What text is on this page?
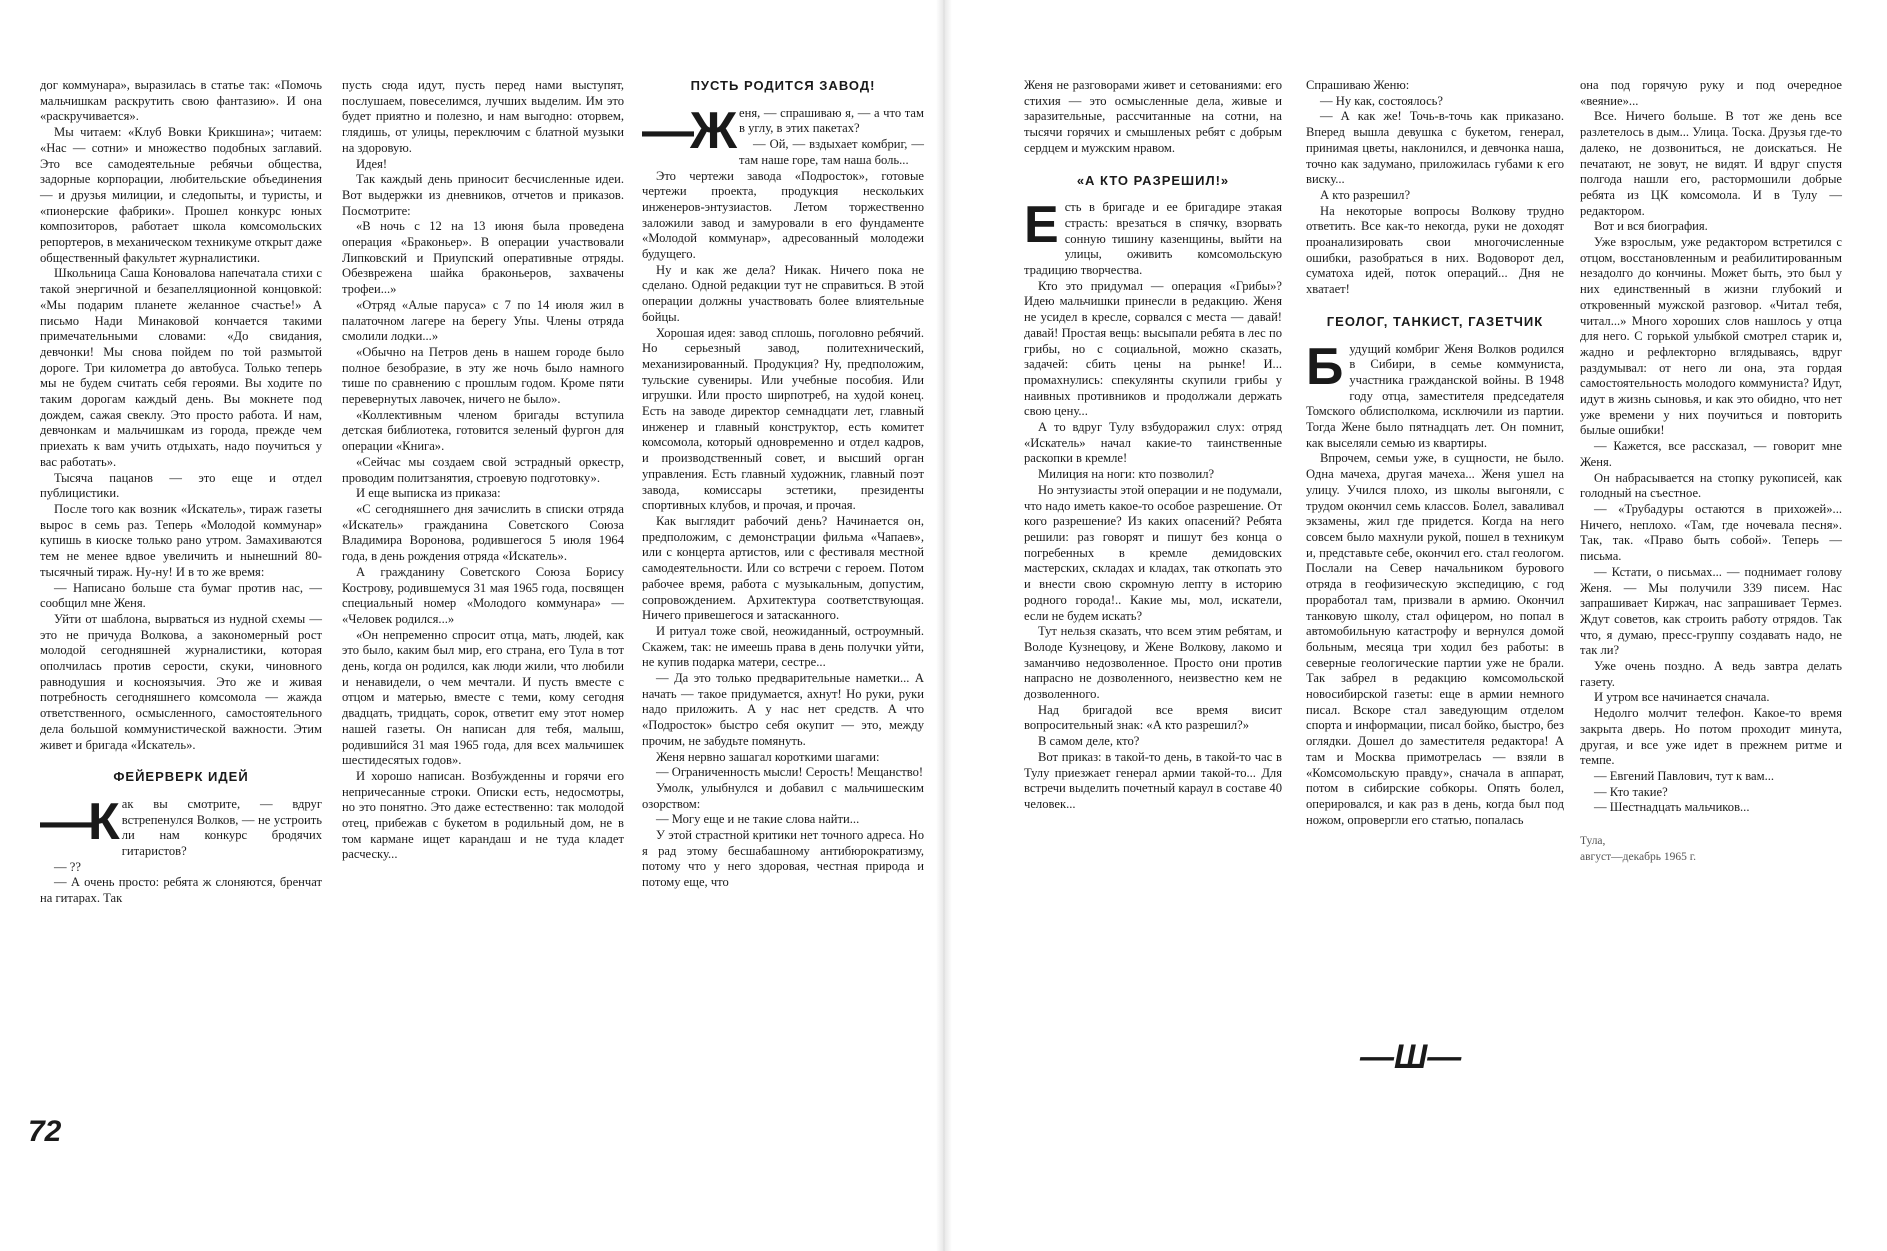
дог коммунара», выразилась в статье так: «Помочь мальчишкам раскрутить свою фантазию». И она «раскручивается».

Мы читаем: «Клуб Вовки Крикшина»; читаем: «Нас — сотни» и множество подобных заглавий. Это все самодеятельные ребячьи общества, задорные корпорации, любительские объединения — и друзья милиции, и следопыты, и туристы, и «пионерские фабрики». Прошел конкурс юных композиторов, работает школа комсомольских репортеров, в механическом техникуме открыт даже общественный факультет журналистики.

Школьница Саша Коновалова напечатала стихи с такой энергичной и безапелляционной концовкой: «Мы подарим планете желанное счастье!» А письмо Нади Минаковой кончается такими примечательными словами: «До свидания, девчонки! Мы снова пойдем по той размытой дороге. Три километра до автобуса. Только теперь мы не будем считать себя героями. Вы ходите по таким дорогам каждый день. Вы мокнете под дождем, сажая свеклу. Это просто работа. И нам, девчонкам и мальчишкам из города, прежде чем приехать к вам учить отдыхать, надо поучиться у вас работать».

Тысяча пацанов — это еще и отдел публицистики.

После того как возник «Искатель», тираж газеты вырос в семь раз. Теперь «Молодой коммунар» купишь в киоске только рано утром. Замахиваются тем не менее вдвое увеличить и нынешний 80-тысячный тираж. Ну-ну! И в то же время:

— Написано больше ста бумаг против нас, — сообщил мне Женя.

Уйти от шаблона, вырваться из нудной схемы — это не причуда Волкова, а закономерный рост молодой сегодняшней журналистики, которая ополчилась против серости, скуки, чиновного равнодушия и косноязычия. Это же и живая потребность сегодняшнего комсомола — жажда ответственного, осмысленного, самостоятельного дела большой коммунистической важности. Этим живет и бригада «Искатель».

ФЕЙЕРВЕРК ИДЕЙ
—К ак вы смотрите, — вдруг встрепенулся Волков, — не устроить ли нам конкурс бродячих гитаристов?

— ??

— А очень просто: ребята ж слоняются, бренчат на гитарах. Так

пусть сюда идут, пусть перед нами выступят, послушаем, повеселимся, лучших выделим. Им это будет приятно и полезно, и нам выгодно: оторвем, глядишь, от улицы, переключим с блатной музыки на здоровую.

Идея!

Так каждый день приносит бесчисленные идеи. Вот выдержки из дневников, отчетов и приказов. Посмотрите:

«В ночь с 12 на 13 июня была проведена операция «Браконьер». В операции участвовали Липковский и Приупский оперативные отряды. Обезврежена шайка браконьеров, захвачены трофеи...»

«Отряд «Алые паруса» с 7 по 14 июля жил в палаточном лагере на берегу Упы. Члены отряда смолили лодки...»

«Обычно на Петров день в нашем городе было полное безобразие, в эту же ночь было намного тише по сравнению с прошлым годом. Кроме пяти перевернутых лавочек, ничего не было».

«Коллективным членом бригады вступила детская библиотека, готовится зеленый фургон для операции «Книга».

«Сейчас мы создаем свой эстрадный оркестр, проводим политзанятия, строевую подготовку».

И еще выписка из приказа:

«С сегодняшнего дня зачислить в списки отряда «Искатель» гражданина Советского Союза Владимира Воронова, родившегося 5 июля 1964 года, в день рождения отряда «Искатель».

А гражданину Советского Союза Борису Кострову, родившемуся 31 мая 1965 года, посвящен специальный номер «Молодого коммунара» — «Человек родился...»

«Он непременно спросит отца, мать, людей, как это было, каким был мир, его страна, его Тула в тот день, когда он родился, как люди жили, что любили и ненавидели, о чем мечтали. И пусть вместе с отцом и матерью, вместе с теми, кому сегодня двадцать, тридцать, сорок, ответит ему этот номер нашей газеты. Он написан для тебя, малыш, родившийся 31 мая 1965 года, для всех мальчишек шестидесятых годов».

И хорошо написан. Возбужденны и горячи его непричесанные строки. Описки есть, недосмотры, но это понятно. Это даже естественно: так молодой отец, прибежав с букетом в родильный дом, не в том кармане ищет карандаш и не туда кладет расческу...

ПУСТЬ РОДИТСЯ ЗАВОД!
—Ж еня, — спрашиваю я, — а что там в углу, в этих пакетах?

— Ой, — вздыхает комбриг, — там наше горе, там наша боль...

Это чертежи завода «Подросток», готовые чертежи проекта, продукция нескольких инженеров-энтузиастов. Летом торжественно заложили завод и замуровали в его фундаменте «Молодой коммунар», адресованный молодежи будущего.

Ну и как же дела? Никак. Ничего пока не сделано. Одной редакции тут не справиться. В этой операции должны участвовать более влиятельные бойцы.

Хорошая идея: завод сплошь, поголовно ребячий. Но серьезный завод, политехнический, механизированный. Продукция? Ну, предположим, тульские сувениры. Или учебные пособия. Или игрушки. Или просто ширпотреб, на худой конец. Есть на заводе директор семнадцати лет, главный инженер и главный конструктор, есть комитет комсомола, который одновременно и отдел кадров, и производственный совет, и высший орган управления. Есть главный художник, главный поэт завода, комиссары эстетики, президенты спортивных клубов, и прочая, и прочая.

Как выглядит рабочий день? Начинается он, предположим, с демонстрации фильма «Чапаев», или с концерта артистов, или с фестиваля местной самодеятельности. Или со встречи с героем. Потом рабочее время, работа с музыкальным, допустим, сопровождением. Архитектура соответствующая. Ничего привешегося и затасканного.

И ритуал тоже свой, неожиданный, остроумный. Скажем, так: не имеешь права в день получки уйти, не купив подарка матери, сестре...

— Да это только предварительные наметки... А начать — такое придумается, ахнут! Но руки, руки надо приложить. А у нас нет средств. А что «Подросток» быстро себя окупит — это, между прочим, не забудьте помянуть.

Женя нервно зашагал короткими шагами:

— Ограниченность мысли! Серость! Мещанство!

Умолк, улыбнулся и добавил с мальчишеским озорством:

— Могу еще и не такие слова найти...

У этой страстной критики нет точного адреса. Но я рад этому бесшабашному антибюрократизму, потому что у него здоровая, честная природа и потому еще, что

72

Женя не разговорами живет и сетованиями: его стихия — это осмысленные дела, живые и заразительные, рассчитанные на сотни, на тысячи горячих и смышленых ребят с добрым сердцем и мужским нравом.

«А КТО РАЗРЕШИЛ!»
Е сть в бригаде и ее бригадире этакая страсть: врезаться в спячку, взорвать сонную тишину казенщины, выйти на улицы, оживить комсомольскую традицию творчества.

Кто это придумал — операция «Грибы»? Идею мальчишки принесли в редакцию. Женя не усидел в кресле, сорвался с места — давай! давай! Простая вещь: высыпали ребята в лес по грибы, но с социальной, можно сказать, задачей: сбить цены на рынке! И... промахнулись: спекулянты скупили грибы у наивных противников и продолжали держать свою цену...

А то вдруг Тулу взбудоражил слух: отряд «Искатель» начал какие-то таинственные раскопки в кремле!

Милиция на ноги: кто позволил?

Но энтузиасты этой операции и не подумали, что надо иметь какое-то особое разрешение. От кого разрешение? Из каких опасений? Ребята решили: раз говорят и пишут без конца о погребенных в кремле демидовских мастерских, складах и кладах, так откопать это и внести свою скромную лепту в историю родного города!.. Какие мы, мол, искатели, если не будем искать?

Тут нельзя сказать, что всем этим ребятам, и Володе Кузнецову, и Жене Волкову, лакомо и заманчиво недозволенное. Просто они против напрасно не дозволенного, неизвестно кем не дозволенного.

Над бригадой все время висит вопросительный знак: «А кто разрешил?»

В самом деле, кто?

Вот приказ: в такой-то день, в такой-то час в Тулу приезжает генерал армии такой-то... Для встречи выделить почетный караул в составе 40 человек...

Спрашиваю Женю:

— Ну как, состоялось?

— А как же! Точь-в-точь как приказано. Вперед вышла девушка с букетом, генерал, принимая цветы, наклонился, и девчонка наша, точно как задумано, приложилась губами к его виску...

А кто разрешил?

На некоторые вопросы Волкову трудно ответить. Все как-то некогда, руки не доходят проанализировать свои многочисленные ошибки, разобраться в них. Водоворот дел, суматоха идей, поток операций... Дня не хватает!

ГЕОЛОГ, ТАНКИСТ, ГАЗЕТЧИК
Б удущий комбриг Женя Волков родился в Сибири, в семье коммуниста, участника гражданской войны. В 1948 году отца, заместителя председателя Томского облисполкома, исключили из партии. Тогда Жене было пятнадцать лет. Он помнит, как выселяли семью из квартиры.

Впрочем, семьи уже, в сущности, не было. Одна мачеха, другая мачеха... Женя ушел на улицу. Учился плохо, из школы выгоняли, с трудом окончил семь классов. Болел, заваливал экзамены, жил где придется. Когда на него совсем было махнули рукой, пошел в техникум и, представьте себе, окончил его. стал геологом. Послали на Север начальником бурового отряда в геофизическую экспедицию, с год проработал там, призвали в армию. Окончил танковую школу, стал офицером, но попал в автомобильную катастрофу и вернулся домой больным, месяца три ходил без работы: в северные геологические партии уже не брали. Так забрел в редакцию комсомольской новосибирской газеты: еще в армии немного писал. Вскоре стал заведующим отделом спорта и информации, писал бойко, быстро, без оглядки. Дошел до заместителя редактора! А там и Москва примотрелась — взяли в «Комсомольскую правду», сначала в аппарат, потом в сибирские собкоры. Опять болел, оперировался, и как раз в день, когда был под ножом, опровергли его статью, попалась

она под горячую руку и под очередное «веяние»...

Все. Ничего больше. В тот же день все разлетелось в дым... Улица. Тоска. Друзья где-то далеко, не дозвониться, не доискаться. Не печатают, не зовут, не видят. И вдруг спустя полгода нашли его, растормошили добрые ребята из ЦК комсомола. И в Тулу — редактором.

Вот и вся биография.

Уже взрослым, уже редактором встретился с отцом, восстановленным и реабилитированным незадолго до кончины. Может быть, это был у них единственный в жизни глубокий и откровенный мужской разговор. «Читал тебя, читал...» Много хороших слов нашлось у отца для него. С горькой улыбкой смотрел старик и, жадно и рефлекторно вглядываясь, вдруг раздумывал: от него ли она, эта гордая самостоятельность молодого коммуниста? Идут, идут в жизнь сыновья, и как это обидно, что нет уже времени у них поучиться и повторить былые ошибки!

— Кажется, все рассказал, — говорит мне Женя.

Он набрасывается на стопку рукописей, как голодный на съестное.

— «Трубадуры остаются в прихожей»... Ничего, неплохо. «Там, где ночевала песня». Так, так. «Право быть собой». Теперь — письма.

— Кстати, о письмах... — поднимает голову Женя. — Мы получили 339 писем. Нас запрашивает Киржач, нас запрашивает Термез. Ждут советов, как строить работу отрядов. Так что, я думаю, пресс-группу создавать надо, не так ли?

Уже очень поздно. А ведь завтра делать газету.

И утром все начинается сначала.

Недолго молчит телефон. Какое-то время закрыта дверь. Но потом проходит минута, другая, и все уже идет в прежнем ритме и темпе.

— Евгений Павлович, тут к вам...

— Кто такие?

— Шестнадцать мальчиков...

Тула,

август—декабрь 1965 г.

—Ш—
